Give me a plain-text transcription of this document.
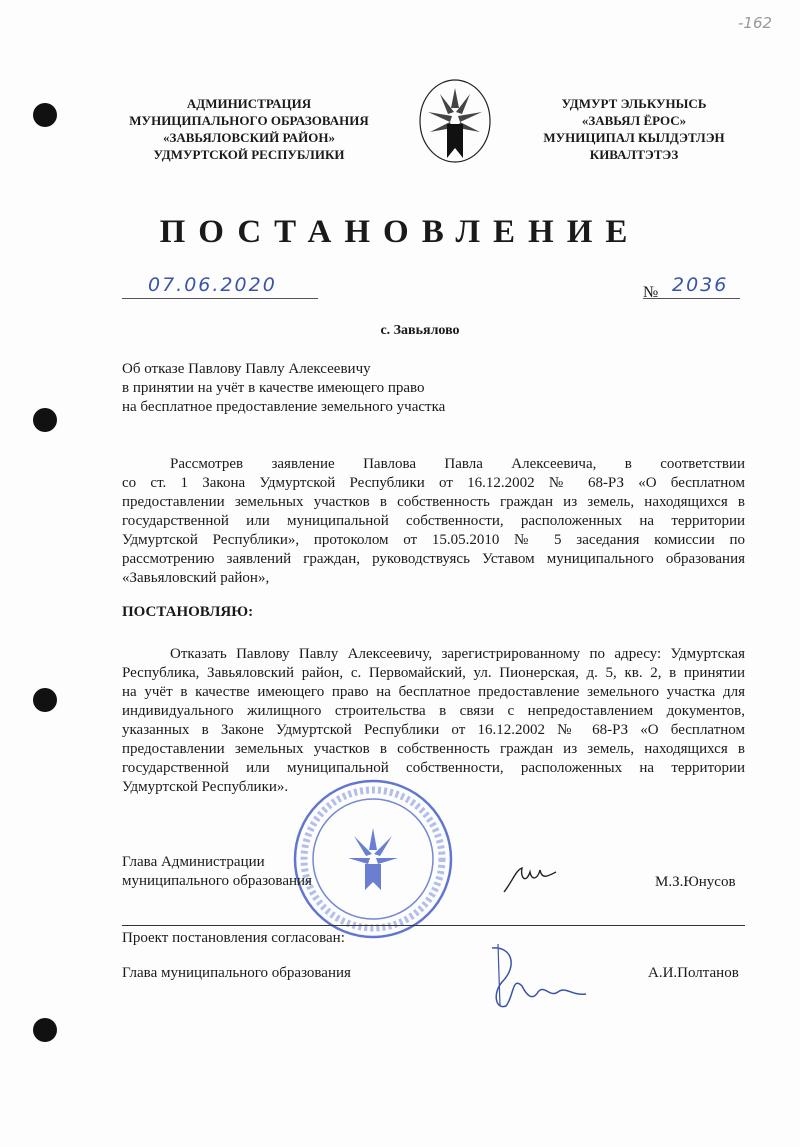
-162
АДМИНИСТРАЦИЯ
МУНИЦИПАЛЬНОГО ОБРАЗОВАНИЯ
«ЗАВЬЯЛОВСКИЙ РАЙОН»
УДМУРТСКОЙ РЕСПУБЛИКИ
УДМУРТ ЭЛЬКУНЫСЬ
«ЗАВЬЯЛ ЁРОС»
МУНИЦИПАЛ КЫЛДЭТЛЭН
КИВАЛТЭТЭЗ
ПОСТАНОВЛЕНИЕ
07.06.2020	№ 2036
с. Завьялово
Об отказе Павлову Павлу Алексеевичу
в принятии на учёт в качестве имеющего право
на бесплатное предоставление земельного участка
Рассмотрев заявление Павлова Павла Алексеевича, в соответствии
со ст. 1 Закона Удмуртской Республики от 16.12.2002 № 68-РЗ «О бесплатном
предоставлении земельных участков в собственность граждан из земель, находящихся в
государственной или муниципальной собственности, расположенных на территории
Удмуртской Республики», протоколом от 15.05.2010 № 5 заседания комиссии по
рассмотрению заявлений граждан, руководствуясь Уставом муниципального образования
«Завьяловский район»,
ПОСТАНОВЛЯЮ:
Отказать Павлову Павлу Алексеевичу, зарегистрированному по адресу: Удмуртская
Республика, Завьяловский район, с. Первомайский, ул. Пионерская, д. 5, кв. 2, в принятии
на учёт в качестве имеющего право на бесплатное предоставление земельного участка для
индивидуального жилищного строительства в связи с непредоставлением документов,
указанных в Законе Удмуртской Республики от 16.12.2002 № 68-РЗ «О бесплатном
предоставлении земельных участков в собственность граждан из земель, находящихся в
государственной или муниципальной собственности, расположенных на территории
Удмуртской Республики».
Глава Администрации
муниципального образования	М.З.Юнусов
Проект постановления согласован:
Глава муниципального образования	А.И.Полтанов
